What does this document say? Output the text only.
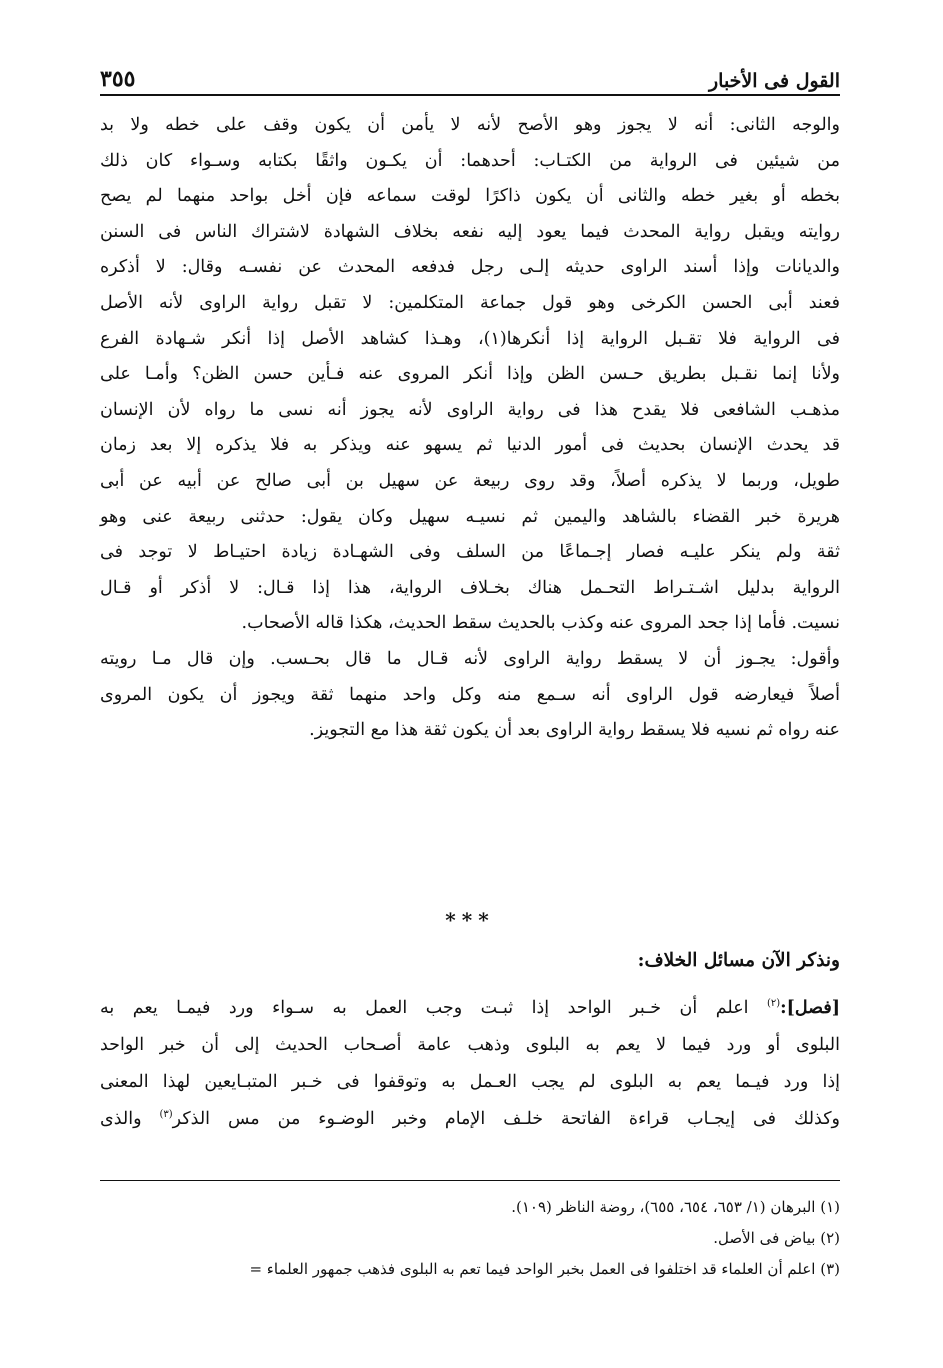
القول فى الأخبار
٣٥٥

والوجه الثانى: أنه لا يجوز وهو الأصح لأنه لا يأمن أن يكون وقف على خطه ولا بد

من شيئين فى الرواية من الكتـاب: أحدهما: أن يكـون واثقًا بكتابه وسـواء كان ذلك

بخطه أو بغير خطه والثانى أن يكون ذاكرًا لوقت سماعه فإن أخل بواحد منهما لم يصح

روايته ويقبل رواية المحدث فيما يعود إليه نفعه بخلاف الشهادة لاشتراك الناس فى السنن

والديانات وإذا أسند الراوى حديثه إلـى رجل فدفعه المحدث عن نفسـه وقال: لا أذكره

فعند أبى الحسن الكرخى وهو قول جماعة المتكلمين: لا تقبل رواية الراوى لأنه الأصل

فى الرواية فلا تقـبل الرواية إذا أنكرها(١)، وهـذا كشاهد الأصل إذا أنكر شـهادة الفرع

ولأنا إنما نقـبل بطريق حـسن الظن وإذا أنكر المروى عنه فـأين حسن الظن؟ وأمـا على

مذهـب الشافعى فلا يقدح هذا فى رواية الراوى لأنه يجوز أنه نسى ما رواه لأن الإنسان

قد يحدث الإنسان بحديث فى أمور الدنيا ثم يسهو عنه ويذكر به فلا يذكره إلا بعد زمان

طويل، وربما لا يذكره أصلاً، وقد روى ربيعة عن سهيل بن أبى صالح عن أبيه عن أبى

هريرة خبر القضاء بالشاهد واليمين ثم نسيـه سهيل وكان يقول: حدثنى ربيعة عنى وهو

ثقة ولم ينكر عليـه فصار إجـماعًا من السلف وفى الشهـادة زيادة احتيـاط لا توجد فى

الرواية بدليل اشـتـراط التحـمل هناك بخـلاف الرواية، هذا إذا قـال: لا أذكر أو قـال

نسيت. فأما إذا جحد المروى عنه وكذب بالحديث سقط الحديث، هكذا قاله الأصحاب.

وأقول: يجـوز أن لا يسقط رواية الراوى لأنه قـال ما قال بحـسب. وإن قال مـا رويته

أصلاً فيعارضه قول الراوى أنه سـمع منه وكل واحد منهما ثقة ويجوز أن يكون المروى

عنه رواه ثم نسيه فلا يسقط رواية الراوى بعد أن يكون ثقة هذا مع التجويز.

***
ونذكر الآن مسائل الخلاف:

[فصل]:$^{(٢)}$ اعلم أن خـبر الواحد إذا ثبـت وجب العمل به سـواء ورد فيمـا يعم به

البلوى أو ورد فيما لا يعم به البلوى وذهب عامة أصـحاب الحديث إلى أن خبر الواحد

إذا ورد فيـما يعم به البلوى لم يجب العـمل به وتوقفوا فى خـبر المتبـايعين لهذا المعنى

وكذلك فى إيجـاب قراءة الفاتحة خلـف الإمام وخبر الوضـوء من مس الذكر$^{(٣)}$ والذى

(١) البرهان (١/ ٦٥٣، ٦٥٤، ٦٥٥)، روضة الناظر (١٠٩).

(٢) بياض فى الأصل.

(٣) اعلم أن العلماء قد اختلفوا فى العمل بخبر الواحد فيما تعم به البلوى فذهب جمهور العلماء =
